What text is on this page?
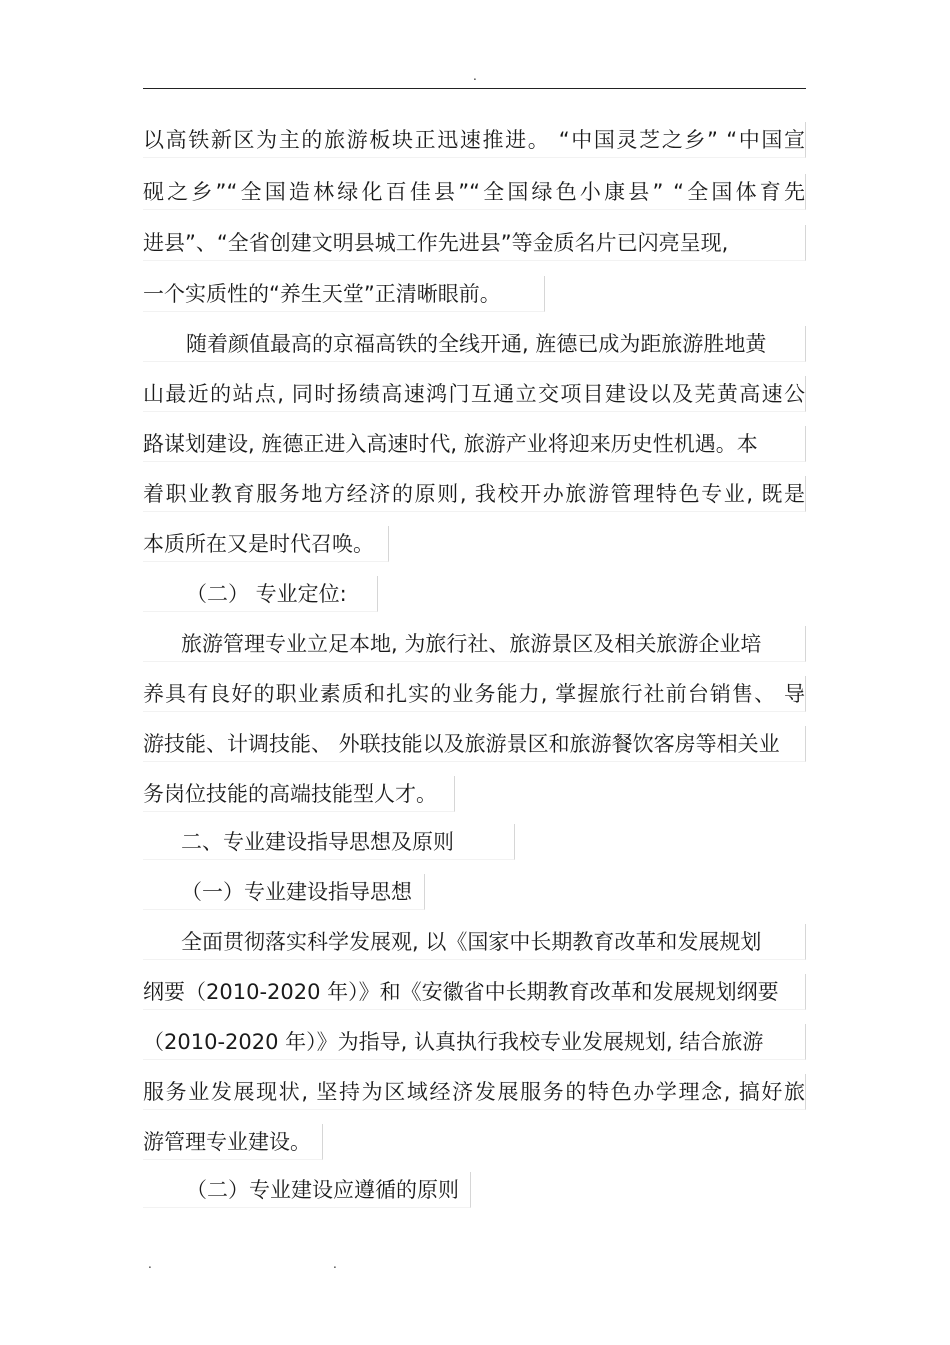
.
以高铁新区为主的旅游板块正迅速推进。 “中国灵芝之乡” “中国宣
砚之乡”“全国造林绿化百佳县”“全国绿色小康县” “全国体育先
进县”、“全省创建文明县城工作先进县”等金质名片已闪亮呈现,
一个实质性的“养生天堂”正清晰眼前。
随着颜值最高的京福高铁的全线开通, 旌德已成为距旅游胜地黄
山最近的站点, 同时扬绩高速鸿门互通立交项目建设以及芜黄高速公
路谋划建设, 旌德正进入高速时代, 旅游产业将迎来历史性机遇。本
着职业教育服务地方经济的原则, 我校开办旅游管理特色专业, 既是
本质所在又是时代召唤。
（二） 专业定位:
旅游管理专业立足本地, 为旅行社、旅游景区及相关旅游企业培
养具有良好的职业素质和扎实的业务能力, 掌握旅行社前台销售、 导
游技能、计调技能、 外联技能以及旅游景区和旅游餐饮客房等相关业
务岗位技能的高端技能型人才。
二、专业建设指导思想及原则
（一）专业建设指导思想
全面贯彻落实科学发展观, 以《国家中长期教育改革和发展规划
纲要（2010-2020 年）》和《安徽省中长期教育改革和发展规划纲要
（2010-2020 年）》为指导, 认真执行我校专业发展规划, 结合旅游
服务业发展现状, 坚持为区域经济发展服务的特色办学理念, 搞好旅
游管理专业建设。
（二）专业建设应遵循的原则
.	.
